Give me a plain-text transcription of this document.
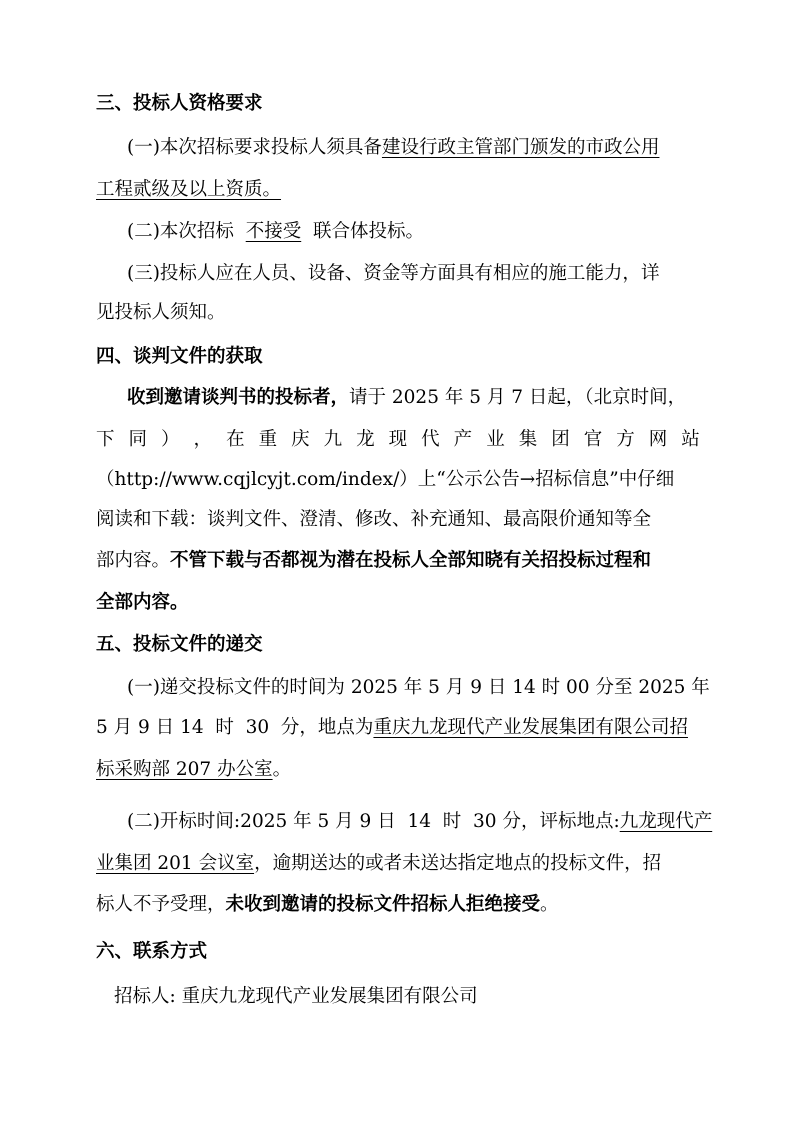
三、投标人资格要求
(一)本次招标要求投标人须具备建设行政主管部门颁发的市政公用
工程贰级及以上资质。
(二)本次招标  不接受  联合体投标。
(三)投标人应在人员、设备、资金等方面具有相应的施工能力，详
见投标人须知。
四、谈判文件的获取
收到邀请谈判书的投标者，请于 2025 年 5 月 7 日起，（北京时间，
下 同 ） ， 在 重 庆 九 龙 现 代 产 业 集 团 官 方 网 站
（http://www.cqjlcyjt.com/index/）上“公示公告→招标信息”中仔细
阅读和下载：谈判文件、澄清、修改、补充通知、最高限价通知等全
部内容。不管下载与否都视为潜在投标人全部知晓有关招投标过程和
全部内容。
五、投标文件的递交
(一)递交投标文件的时间为 2025 年 5 月 9 日 14 时 00 分至 2025 年
5 月 9 日 14  时  30  分，地点为重庆九龙现代产业发展集团有限公司招
标采购部 207 办公室。
(二)开标时间:2025 年 5 月 9 日  14  时  30 分，评标地点:九龙现代产
业集团 201 会议室，逾期送达的或者未送达指定地点的投标文件，招
标人不予受理，未收到邀请的投标文件招标人拒绝接受。
六、联系方式
招标人: 重庆九龙现代产业发展集团有限公司
